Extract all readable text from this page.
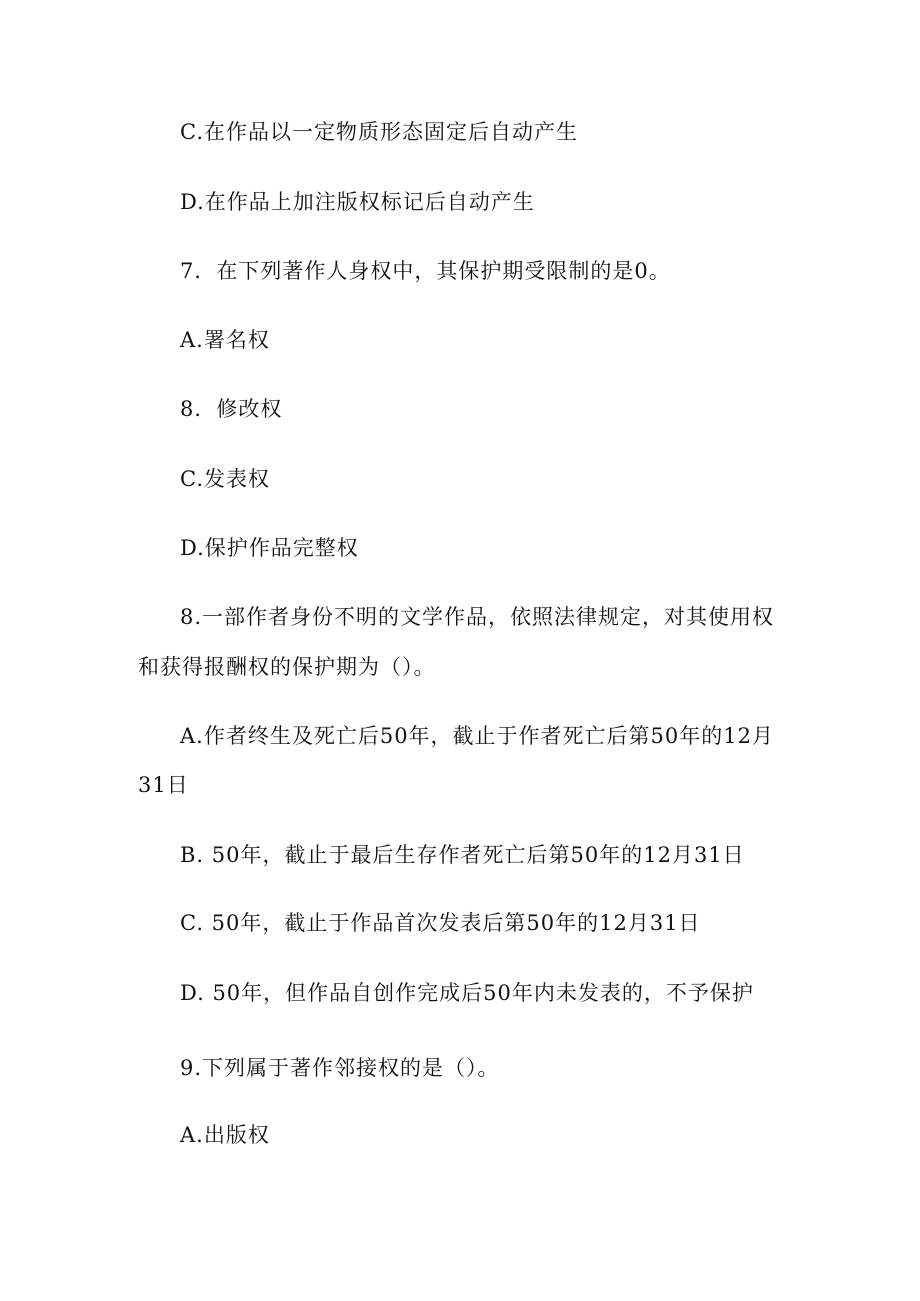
C.在作品以一定物质形态固定后自动产生

D.在作品上加注版权标记后自动产生

7．在下列著作人身权中，其保护期受限制的是0。

A.署名权

8．修改权

C.发表权

D.保护作品完整权

8.一部作者身份不明的文学作品，依照法律规定，对其使用权

和获得报酬权的保护期为（）。

A.作者终生及死亡后50年，截止于作者死亡后第50年的12月

31日

B. 50年，截止于最后生存作者死亡后第50年的12月31日

C. 50年，截止于作品首次发表后第50年的12月31日

D. 50年，但作品自创作完成后50年内未发表的，不予保护

9.下列属于著作邻接权的是（）。

A.出版权
